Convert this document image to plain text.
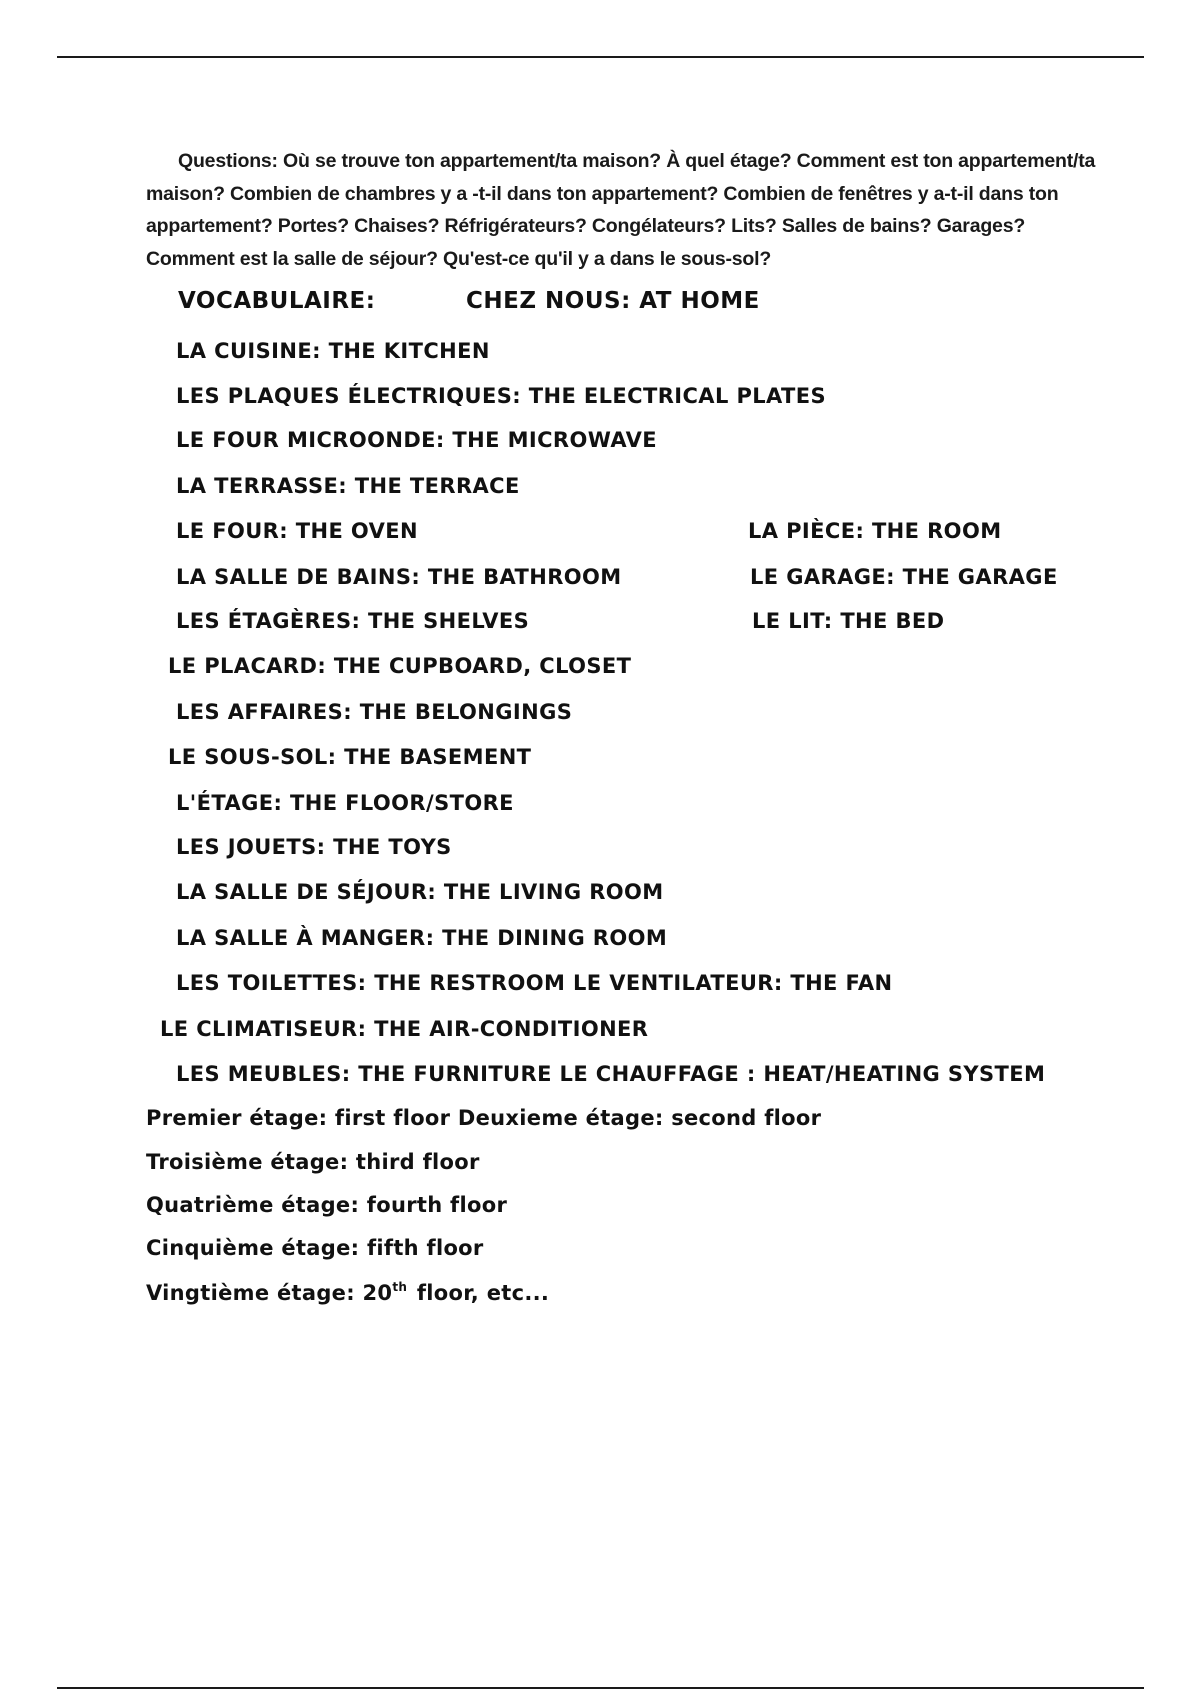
Questions: Où se trouve ton appartement/ta maison? À quel étage? Comment est ton appartement/ta maison? Combien de chambres y a -t-il dans ton appartement? Combien de fenêtres y a-t-il dans ton appartement? Portes? Chaises? Réfrigérateurs? Congélateurs? Lits? Salles de bains? Garages? Comment est la salle de séjour? Qu'est-ce qu'il y a dans le sous-sol?

VOCABULAIRE:	CHEZ NOUS: AT HOME
LA CUISINE: THE KITCHEN
LES PLAQUES ÉLECTRIQUES: THE ELECTRICAL PLATES
LE FOUR MICROONDE: THE MICROWAVE
LA TERRASSE: THE TERRACE
LE FOUR: THE OVEN	LA PIÈCE: THE ROOM
LA SALLE DE BAINS: THE BATHROOM	LE GARAGE: THE GARAGE
LES ÉTAGÈRES: THE SHELVES	LE LIT: THE BED
LE PLACARD: THE CUPBOARD, CLOSET
LES AFFAIRES: THE BELONGINGS
LE SOUS-SOL: THE BASEMENT
L'ÉTAGE: THE FLOOR/STORE
LES JOUETS: THE TOYS
LA SALLE DE SÉJOUR: THE LIVING ROOM
LA SALLE À MANGER: THE DINING ROOM
LES TOILETTES: THE RESTROOM LE VENTILATEUR: THE FAN
LE CLIMATISEUR: THE AIR-CONDITIONER
LES MEUBLES: THE FURNITURE LE CHAUFFAGE : HEAT/HEATING SYSTEM
Premier étage: first floor Deuxieme étage: second floor
Troisième étage: third floor
Quatrième étage: fourth floor
Cinquième étage: fifth floor
Vingtième étage: 20th floor, etc...
